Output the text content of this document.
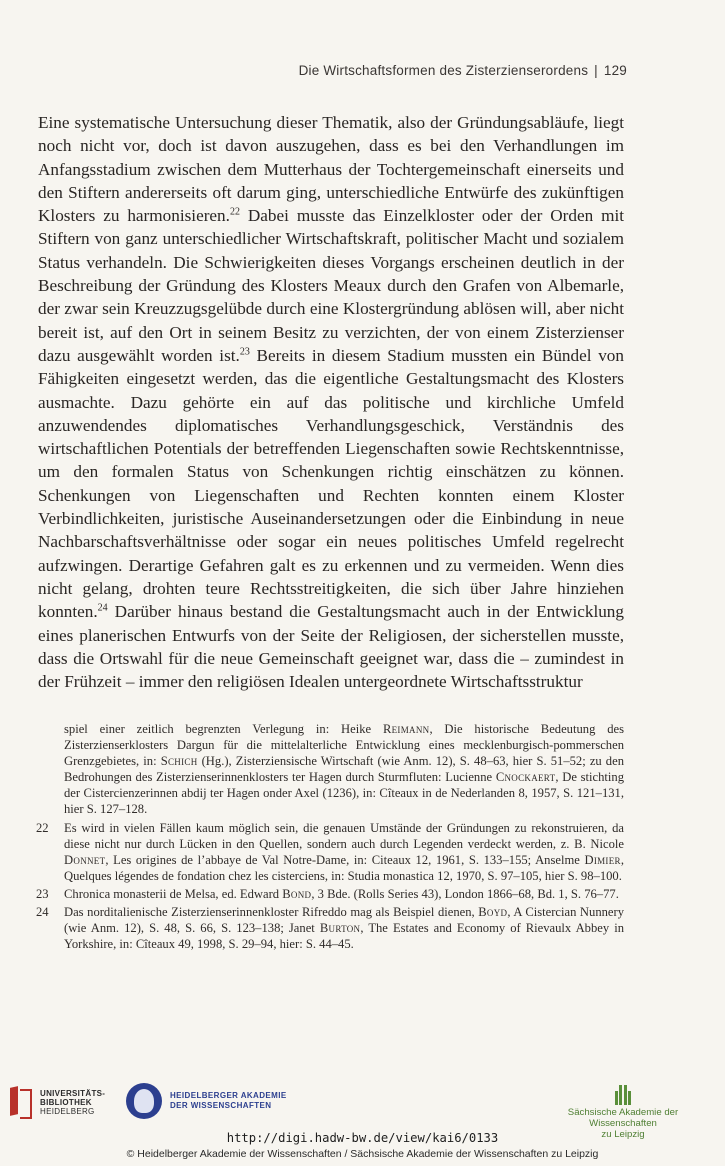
Die Wirtschaftsformen des Zisterzienserordens | 129
Eine systematische Untersuchung dieser Thematik, also der Gründungsabläufe, liegt noch nicht vor, doch ist davon auszugehen, dass es bei den Verhandlungen im Anfangsstadium zwischen dem Mutterhaus der Tochtergemeinschaft einerseits und den Stiftern andererseits oft darum ging, unterschiedliche Entwürfe des zukünftigen Klosters zu harmonisieren.$^{22}$ Dabei musste das Einzelkloster oder der Orden mit Stiftern von ganz unterschiedlicher Wirtschaftskraft, politischer Macht und sozialem Status verhandeln. Die Schwierigkeiten dieses Vorgangs erscheinen deutlich in der Beschreibung der Gründung des Klosters Meaux durch den Grafen von Albemarle, der zwar sein Kreuzzugsgelübde durch eine Klostergründung ablösen will, aber nicht bereit ist, auf den Ort in seinem Besitz zu verzichten, der von einem Zisterzienser dazu ausgewählt worden ist.$^{23}$ Bereits in diesem Stadium mussten ein Bündel von Fähigkeiten eingesetzt werden, das die eigentliche Gestaltungsmacht des Klosters ausmachte. Dazu gehörte ein auf das politische und kirchliche Umfeld anzuwendendes diplomatisches Verhandlungsgeschick, Verständnis des wirtschaftlichen Potentials der betreffenden Liegenschaften sowie Rechtskenntnisse, um den formalen Status von Schenkungen richtig einschätzen zu können. Schenkungen von Liegenschaften und Rechten konnten einem Kloster Verbindlichkeiten, juristische Auseinandersetzungen oder die Einbindung in neue Nachbarschaftsverhältnisse oder sogar ein neues politisches Umfeld regelrecht aufzwingen. Derartige Gefahren galt es zu erkennen und zu vermeiden. Wenn dies nicht gelang, drohten teure Rechtsstreitigkeiten, die sich über Jahre hinziehen konnten.$^{24}$ Darüber hinaus bestand die Gestaltungsmacht auch in der Entwicklung eines planerischen Entwurfs von der Seite der Religiosen, der sicherstellen musste, dass die Ortswahl für die neue Gemeinschaft geeignet war, dass die – zumindest in der Frühzeit – immer den religiösen Idealen untergeordnete Wirtschaftsstruktur
spiel einer zeitlich begrenzten Verlegung in: Heike Reimann, Die historische Bedeutung des Zisterzienserklosters Dargun für die mittelalterliche Entwicklung eines mecklenburgisch-pommerschen Grenzgebietes, in: Schich (Hg.), Zisterziensische Wirtschaft (wie Anm. 12), S. 48–63, hier S. 51–52; zu den Bedrohungen des Zisterzienserinnenklosters ter Hagen durch Sturmfluten: Lucienne Cnockaert, De stichting der Cistercienzerinnen abdij ter Hagen onder Axel (1236), in: Cîteaux in de Nederlanden 8, 1957, S. 121–131, hier S. 127–128.
22	Es wird in vielen Fällen kaum möglich sein, die genauen Umstände der Gründungen zu rekonstruieren, da diese nicht nur durch Lücken in den Quellen, sondern auch durch Legenden verdeckt werden, z. B. Nicole Donnet, Les origines de l’abbaye de Val Notre-Dame, in: Citeaux 12, 1961, S. 133–155; Anselme Dimier, Quelques légendes de fondation chez les cisterciens, in: Studia monastica 12, 1970, S. 97–105, hier S. 98–100.
23	Chronica monasterii de Melsa, ed. Edward Bond, 3 Bde. (Rolls Series 43), London 1866–68, Bd. 1, S. 76–77.
24	Das norditalienische Zisterzienserinnenkloster Rifreddo mag als Beispiel dienen, Boyd, A Cistercian Nunnery (wie Anm. 12), S. 48, S. 66, S. 123–138; Janet Burton, The Estates and Economy of Rievaulx Abbey in Yorkshire, in: Cîteaux 49, 1998, S. 29–94, hier: S. 44–45.
UNIVERSITÄTS-
BIBLIOTHEK
HEIDELBERG
HEIDELBERGER AKADEMIE
DER WISSENSCHAFTEN
Sächsische Akademie der Wissenschaften
zu Leipzig
http://digi.hadw-bw.de/view/kai6/0133
© Heidelberger Akademie der Wissenschaften / Sächsische Akademie der Wissenschaften zu Leipzig
